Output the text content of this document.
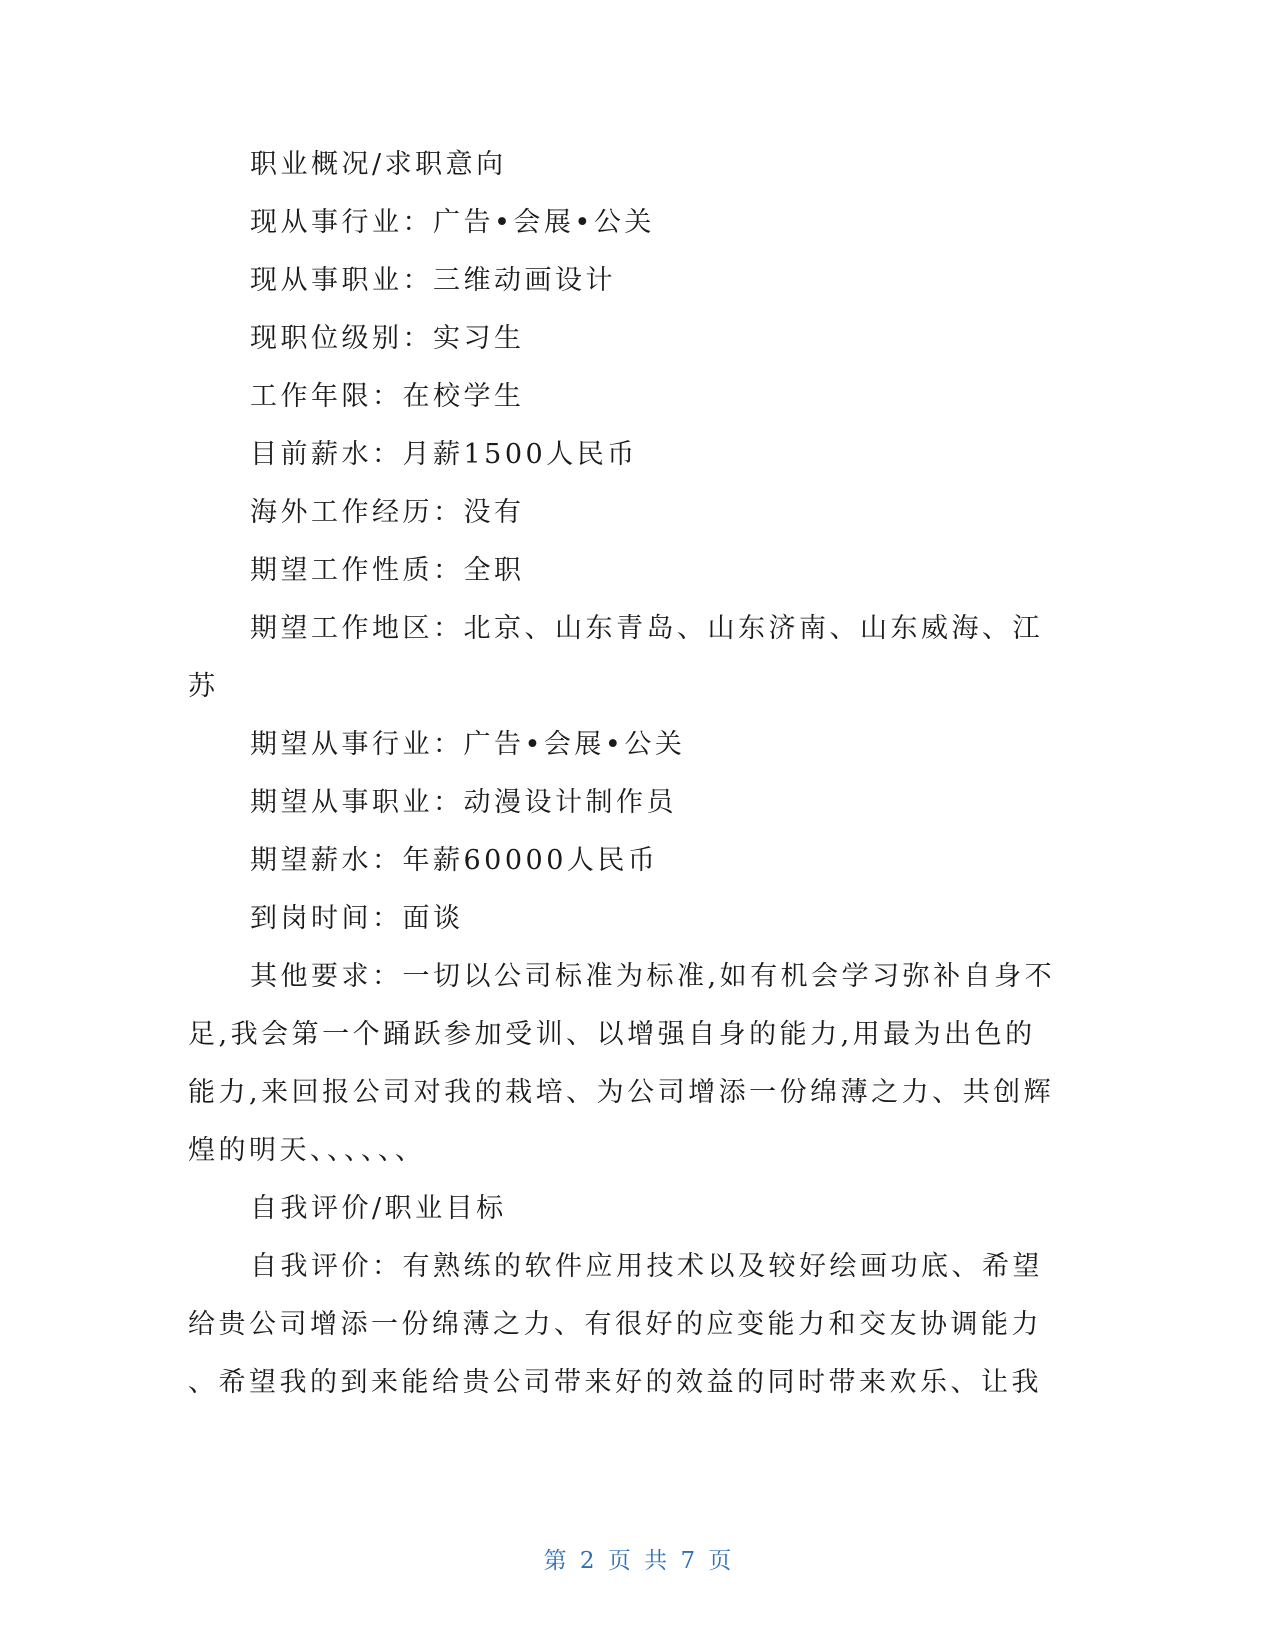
职业概况/求职意向
现从事行业：广告•会展•公关
现从事职业：三维动画设计
现职位级别：实习生
工作年限：在校学生
目前薪水：月薪1500人民币
海外工作经历：没有
期望工作性质：全职
期望工作地区：北京、山东青岛、山东济南、山东威海、江
苏
期望从事行业：广告•会展•公关
期望从事职业：动漫设计制作员
期望薪水：年薪60000人民币
到岗时间：面谈
其他要求：一切以公司标准为标准,如有机会学习弥补自身不
足,我会第一个踊跃参加受训、以增强自身的能力,用最为出色的
能力,来回报公司对我的栽培、为公司增添一份绵薄之力、共创辉
煌的明天、、、、、、
自我评价/职业目标
自我评价：有熟练的软件应用技术以及较好绘画功底、希望
给贵公司增添一份绵薄之力、有很好的应变能力和交友协调能力
、希望我的到来能给贵公司带来好的效益的同时带来欢乐、让我
第 2 页 共 7 页
